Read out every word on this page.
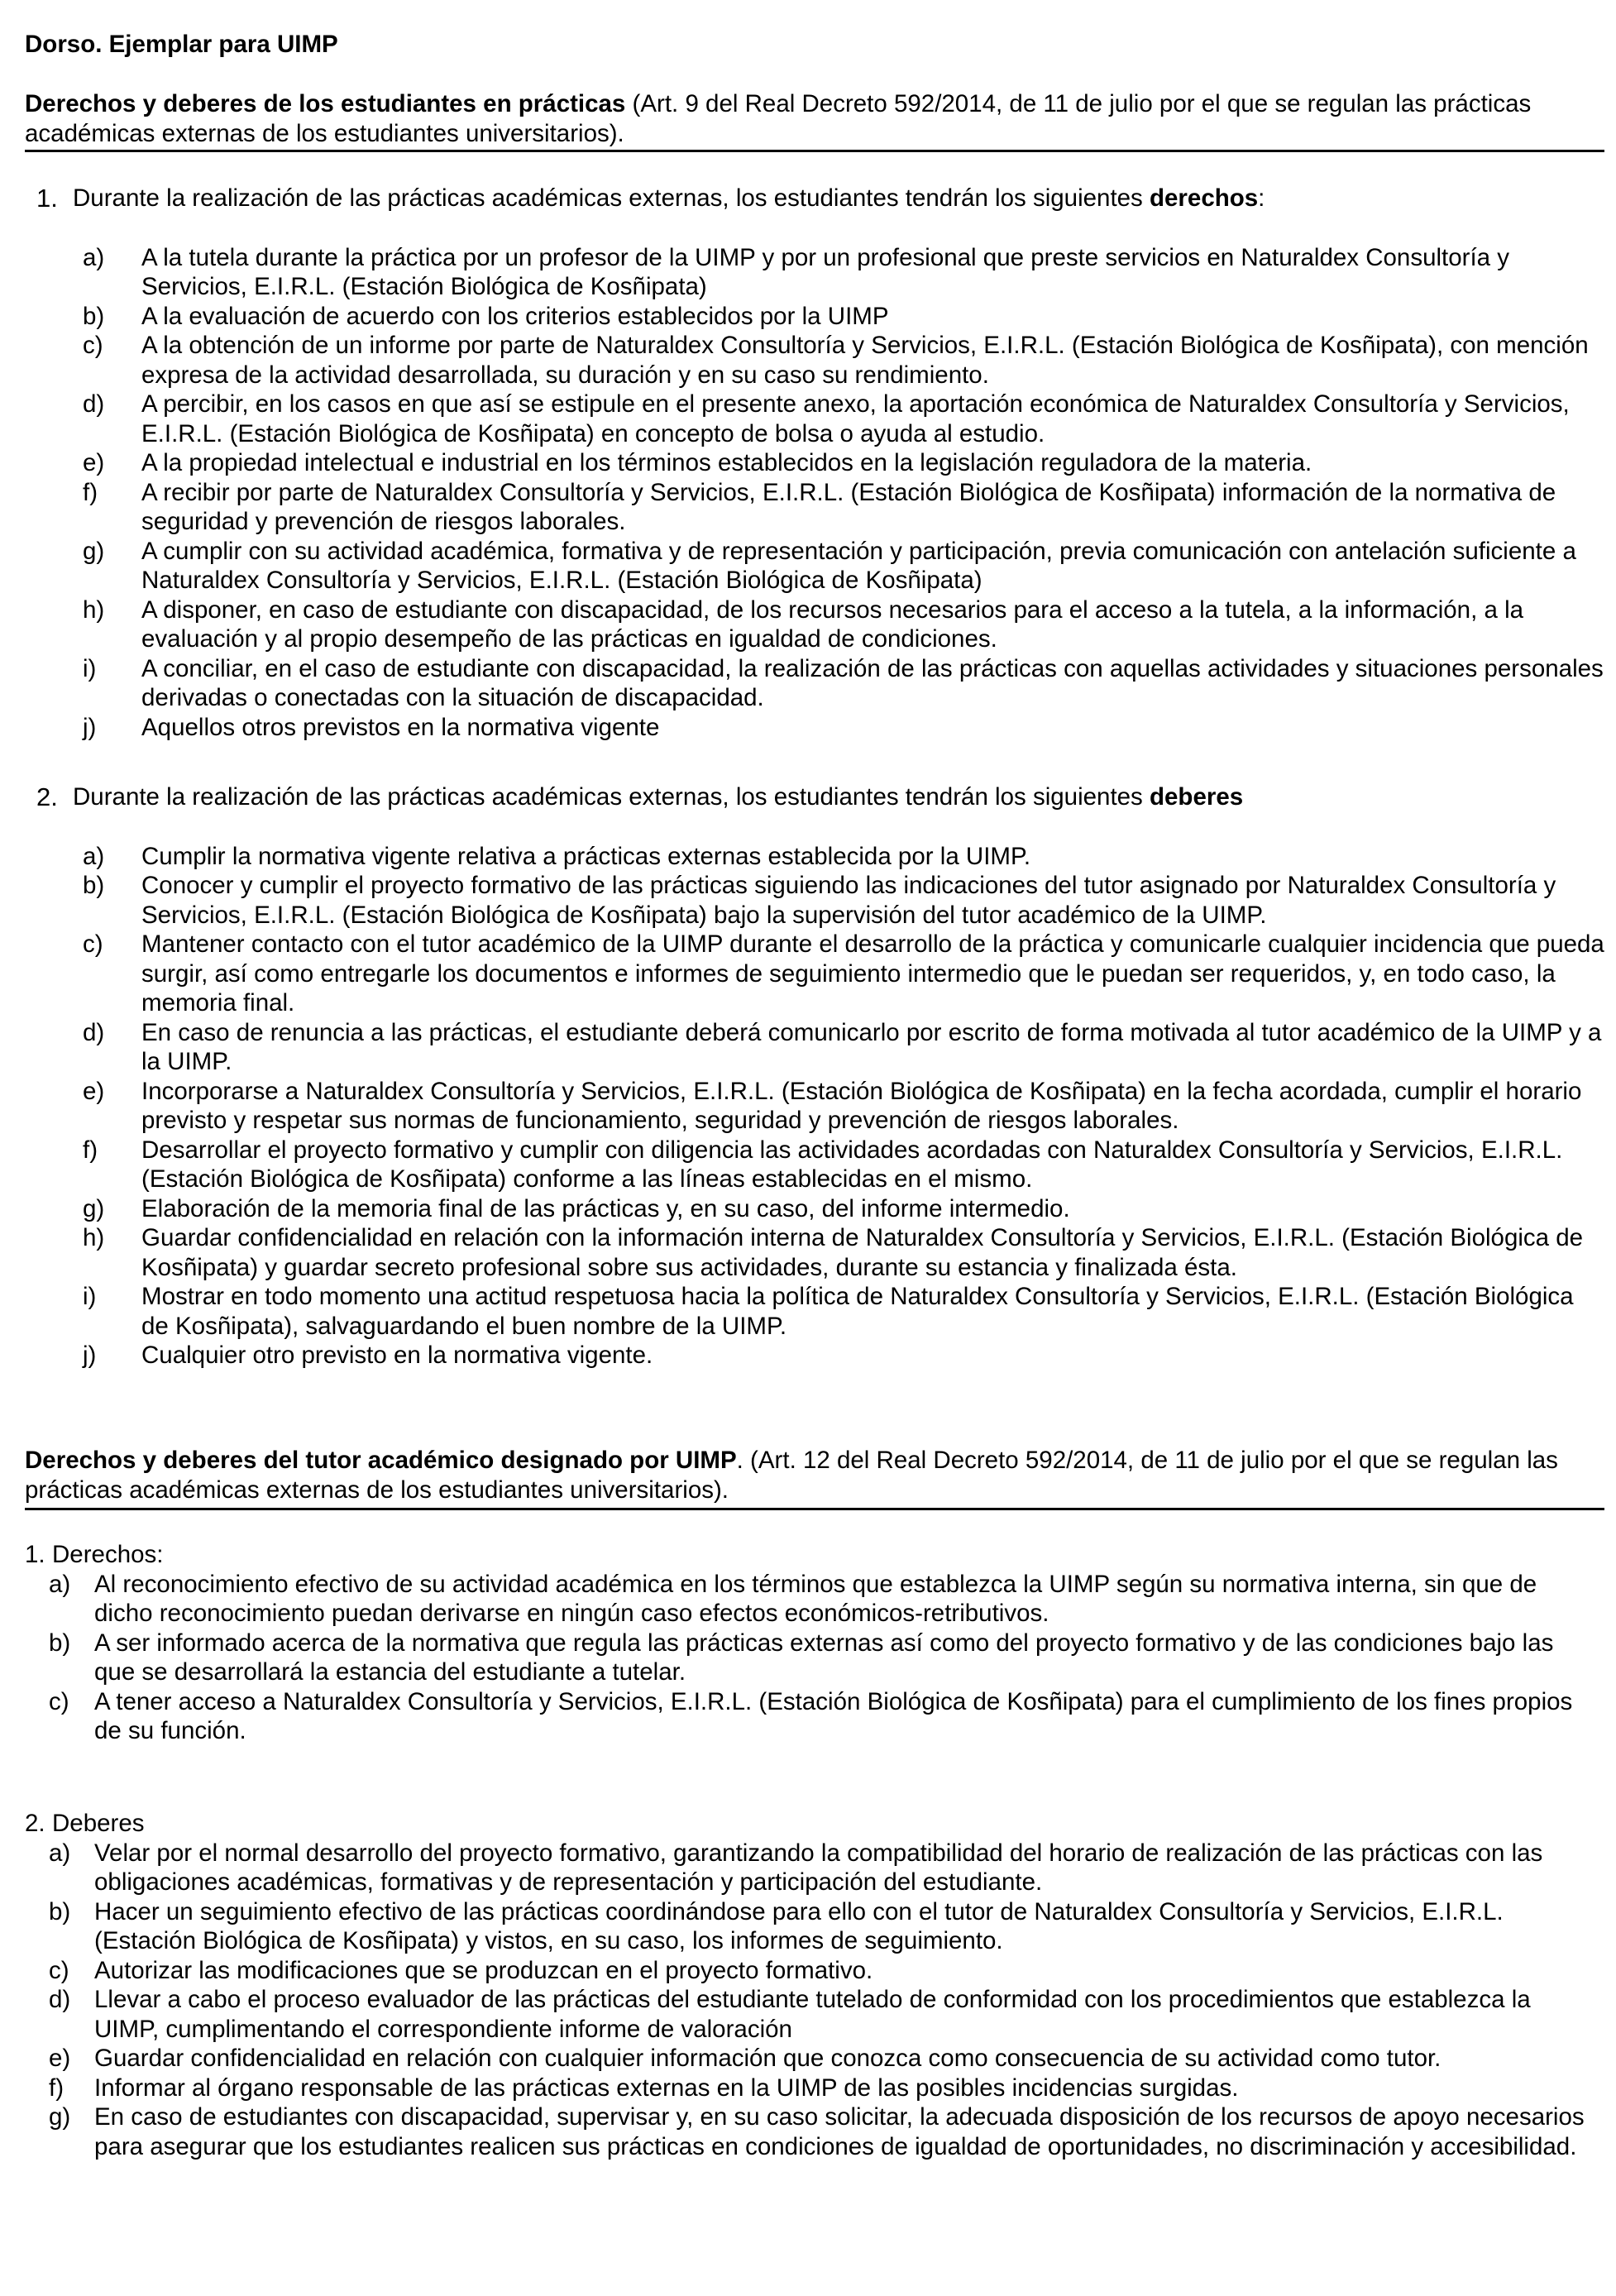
Dorso. Ejemplar para UIMP
Derechos y deberes de los estudiantes en prácticas (Art. 9 del Real Decreto 592/2014, de 11 de julio por el que se regulan las prácticas académicas externas de los estudiantes universitarios).
1. Durante la realización de las prácticas académicas externas, los estudiantes tendrán los siguientes derechos:
a)	A la tutela durante la práctica por un profesor de la UIMP y por un profesional que preste servicios en Naturaldex Consultoría y Servicios, E.I.R.L. (Estación Biológica de Kosñipata)
b)	A la evaluación de acuerdo con los criterios establecidos por la UIMP
c)	A la obtención de un informe por parte de Naturaldex Consultoría y Servicios, E.I.R.L. (Estación Biológica de Kosñipata), con mención expresa de la actividad desarrollada, su duración y en su caso su rendimiento.
d)	A percibir, en los casos en que así se estipule en el presente anexo, la aportación económica de Naturaldex Consultoría y Servicios, E.I.R.L. (Estación Biológica de Kosñipata) en concepto de bolsa o ayuda al estudio.
e)	A la propiedad intelectual e industrial en los términos establecidos en la legislación reguladora de la materia.
f)	A recibir por parte de Naturaldex Consultoría y Servicios, E.I.R.L. (Estación Biológica de Kosñipata) información de la normativa de seguridad y prevención de riesgos laborales.
g)	A cumplir con su actividad académica, formativa y de representación y participación, previa comunicación con antelación suficiente a Naturaldex Consultoría y Servicios, E.I.R.L. (Estación Biológica de Kosñipata)
h)	A disponer, en caso de estudiante con discapacidad, de los recursos necesarios para el acceso a la tutela, a la información, a la evaluación y al propio desempeño de las prácticas en igualdad de condiciones.
i)	A conciliar, en el caso de estudiante con discapacidad, la realización de las prácticas con aquellas actividades y situaciones personales derivadas o conectadas con la situación de discapacidad.
j)	Aquellos otros previstos en la normativa vigente
2. Durante la realización de las prácticas académicas externas, los estudiantes tendrán los siguientes deberes
a)	Cumplir la normativa vigente relativa a prácticas externas establecida por la UIMP.
b)	Conocer y cumplir el proyecto formativo de las prácticas siguiendo las indicaciones del tutor asignado por Naturaldex Consultoría y Servicios, E.I.R.L. (Estación Biológica de Kosñipata) bajo la supervisión del tutor académico de la UIMP.
c)	Mantener contacto con el tutor académico de la UIMP durante el desarrollo de la práctica y comunicarle cualquier incidencia que pueda surgir, así como entregarle los documentos e informes de seguimiento intermedio que le puedan ser requeridos, y, en todo caso, la memoria final.
d)	En caso de renuncia a las prácticas, el estudiante deberá comunicarlo por escrito de forma motivada al tutor académico de la UIMP y a la UIMP.
e)	Incorporarse a Naturaldex Consultoría y Servicios, E.I.R.L. (Estación Biológica de Kosñipata) en la fecha acordada, cumplir el horario previsto y respetar sus normas de funcionamiento, seguridad y prevención de riesgos laborales.
f)	Desarrollar el proyecto formativo y cumplir con diligencia las actividades acordadas con Naturaldex Consultoría y Servicios, E.I.R.L. (Estación Biológica de Kosñipata) conforme a las líneas establecidas en el mismo.
g)	Elaboración de la memoria final de las prácticas y, en su caso, del informe intermedio.
h)	Guardar confidencialidad en relación con la información interna de Naturaldex Consultoría y Servicios, E.I.R.L. (Estación Biológica de Kosñipata) y guardar secreto profesional sobre sus actividades, durante su estancia y finalizada ésta.
i)	Mostrar en todo momento una actitud respetuosa hacia la política de Naturaldex Consultoría y Servicios, E.I.R.L. (Estación Biológica de Kosñipata), salvaguardando el buen nombre de la UIMP.
j)	Cualquier otro previsto en la normativa vigente.
Derechos y deberes del tutor académico designado por UIMP. (Art. 12 del Real Decreto 592/2014, de 11 de julio por el que se regulan las prácticas académicas externas de los estudiantes universitarios).
1. Derechos:
a) Al reconocimiento efectivo de su actividad académica en los términos que establezca la UIMP según su normativa interna, sin que de dicho reconocimiento puedan derivarse en ningún caso efectos económicos-retributivos.
b) A ser informado acerca de la normativa que regula las prácticas externas así como del proyecto formativo y de las condiciones bajo las que se desarrollará la estancia del estudiante a tutelar.
c)	A tener acceso a Naturaldex Consultoría y Servicios, E.I.R.L. (Estación Biológica de Kosñipata) para el cumplimiento de los fines propios de su función.
2. Deberes
a) Velar por el normal desarrollo del proyecto formativo, garantizando la compatibilidad del horario de realización de las prácticas con las obligaciones académicas, formativas y de representación y participación del estudiante.
b) Hacer un seguimiento efectivo de las prácticas coordinándose para ello con el tutor de Naturaldex Consultoría y Servicios, E.I.R.L. (Estación Biológica de Kosñipata) y vistos, en su caso, los informes de seguimiento.
c)	Autorizar las modificaciones que se produzcan en el proyecto formativo.
d) Llevar a cabo el proceso evaluador de las prácticas del estudiante tutelado de conformidad con los procedimientos que establezca la UIMP, cumplimentando el correspondiente informe de valoración
e) Guardar confidencialidad en relación con cualquier información que conozca como consecuencia de su actividad como tutor.
f)	Informar al órgano responsable de las prácticas externas en la UIMP de las posibles incidencias surgidas.
g) En caso de estudiantes con discapacidad, supervisar y, en su caso solicitar, la adecuada disposición de los recursos de apoyo necesarios para asegurar que los estudiantes realicen sus prácticas en condiciones de igualdad de oportunidades, no discriminación y accesibilidad.
